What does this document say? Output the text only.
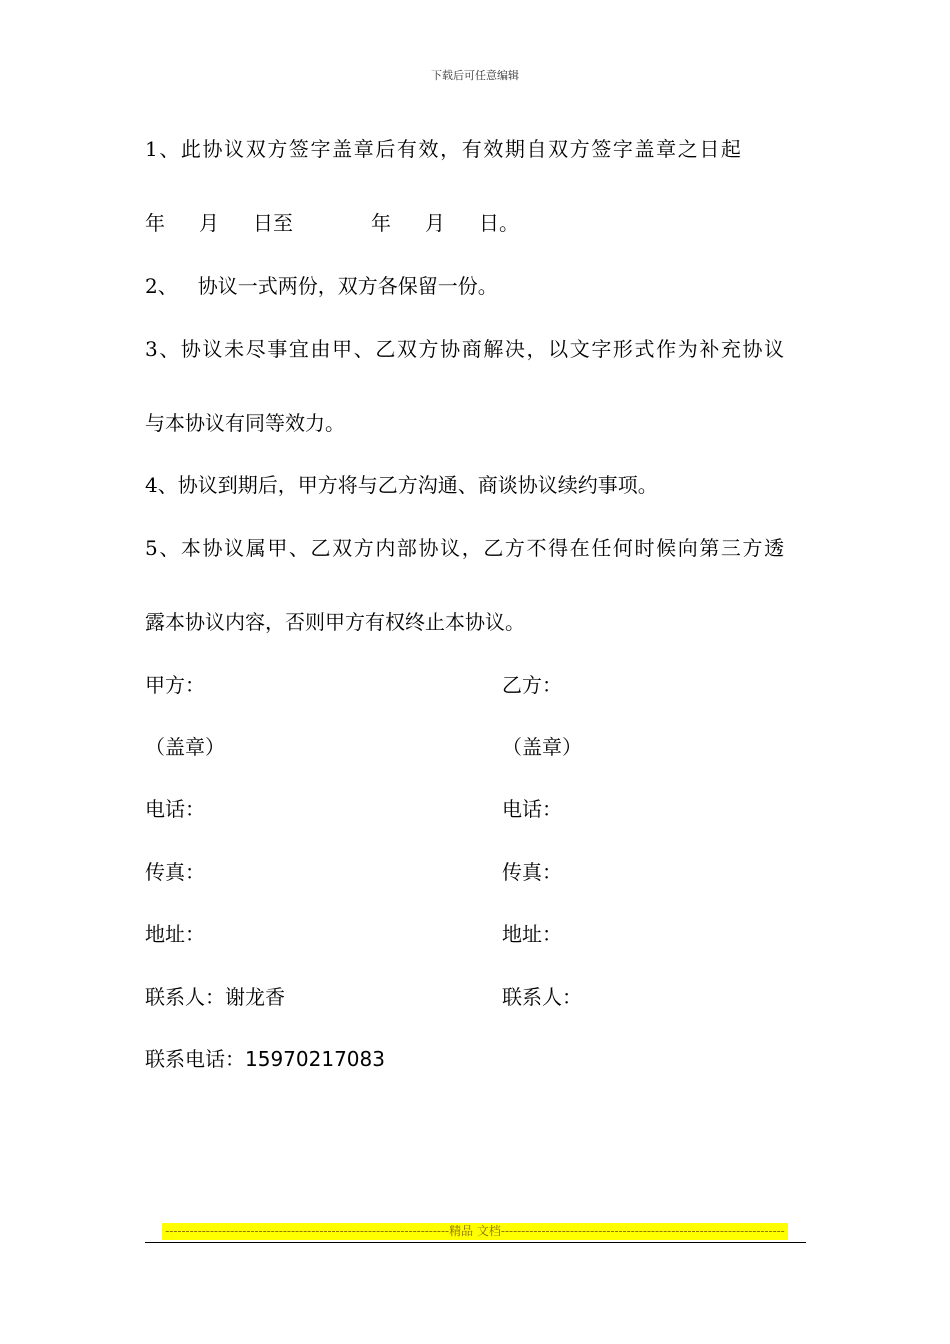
下载后可任意编辑
1、此协议双方签字盖章后有效，有效期自双方签字盖章之日起
年 月 日至	年 月 日。
2、 协议一式两份，双方各保留一份。
3、协议未尽事宜由甲、乙双方协商解决，以文字形式作为补充协议
与本协议有同等效力。
4、协议到期后，甲方将与乙方沟通、商谈协议续约事项。
5、本协议属甲、乙双方内部协议，乙方不得在任何时候向第三方透
露本协议内容，否则甲方有权终止本协议。
甲方：
（盖章）
电话：
传真：
地址：
联系人：谢龙香
联系电话：15970217083
乙方：
（盖章）
电话：
传真：
地址：
联系人：
----------------------------------------------------------------------精品 文档----------------------------------------------------------------------
